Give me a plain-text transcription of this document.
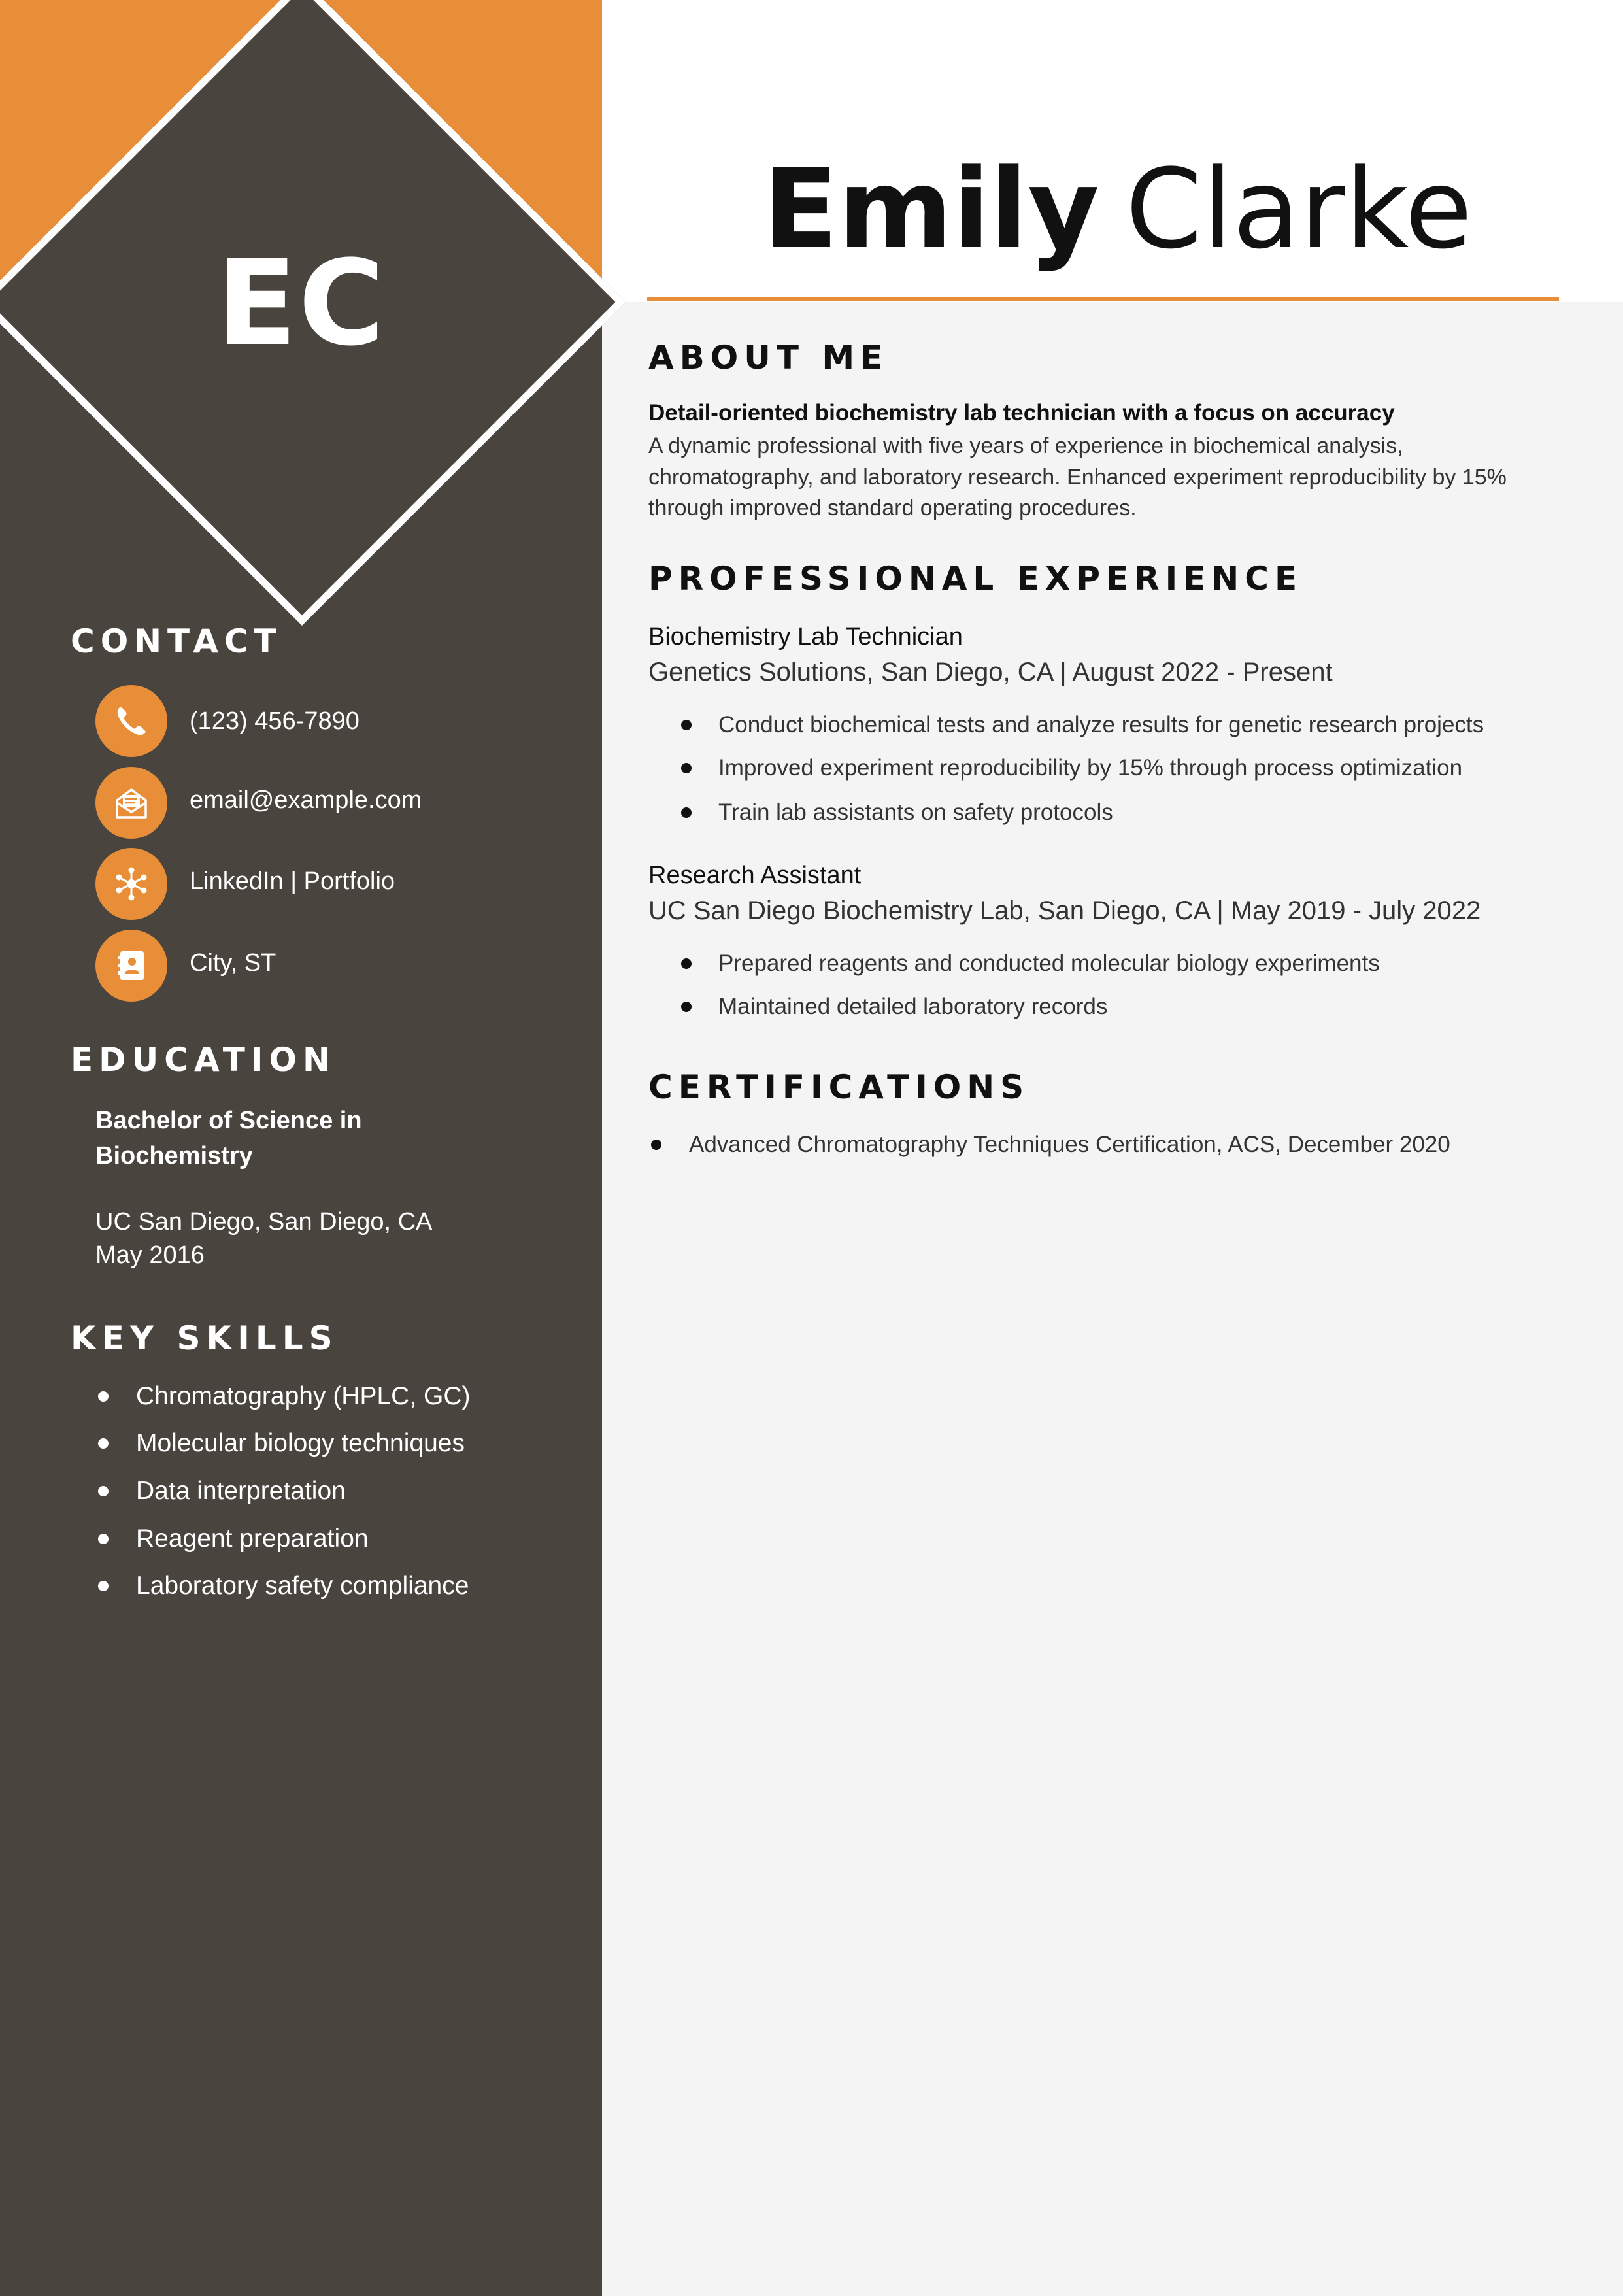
EC
Emily Clarke
CONTACT
(123) 456-7890
email@example.com
LinkedIn | Portfolio
City, ST
EDUCATION
Bachelor of Science in
Biochemistry
UC San Diego, San Diego, CA
May 2016
KEY SKILLS
Chromatography (HPLC, GC)
Molecular biology techniques
Data interpretation
Reagent preparation
Laboratory safety compliance
ABOUT ME
Detail-oriented biochemistry lab technician with a focus on accuracy
A dynamic professional with five years of experience in biochemical analysis,
chromatography, and laboratory research. Enhanced experiment reproducibility by 15%
through improved standard operating procedures.
PROFESSIONAL EXPERIENCE
Biochemistry Lab Technician
Genetics Solutions, San Diego, CA | August 2022 - Present
Conduct biochemical tests and analyze results for genetic research projects
Improved experiment reproducibility by 15% through process optimization
Train lab assistants on safety protocols
Research Assistant
UC San Diego Biochemistry Lab, San Diego, CA | May 2019 - July 2022
Prepared reagents and conducted molecular biology experiments
Maintained detailed laboratory records
CERTIFICATIONS
Advanced Chromatography Techniques Certification, ACS, December 2020
